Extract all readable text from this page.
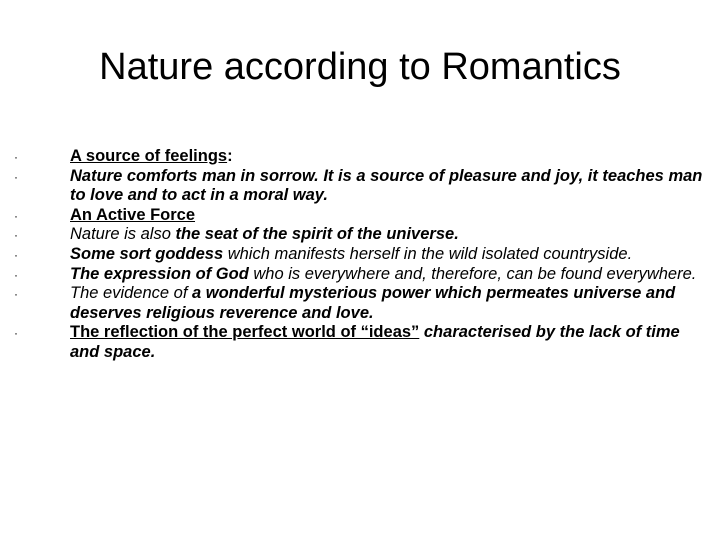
Nature according to Romantics
·	A source of feelings:
·	Nature comforts man in sorrow. It is a source of pleasure and joy, it teaches man to love and to act in a moral way.
·	An Active Force
·	Nature is also the seat of the spirit of the universe.
·	Some sort goddess which manifests herself in the wild isolated countryside.
·	The expression of God who is everywhere and, therefore, can be found everywhere.
·	The evidence of a wonderful mysterious power which permeates universe and deserves religious reverence and love.
·	The reflection of the perfect world of “ideas” characterised by the lack of time and space.
